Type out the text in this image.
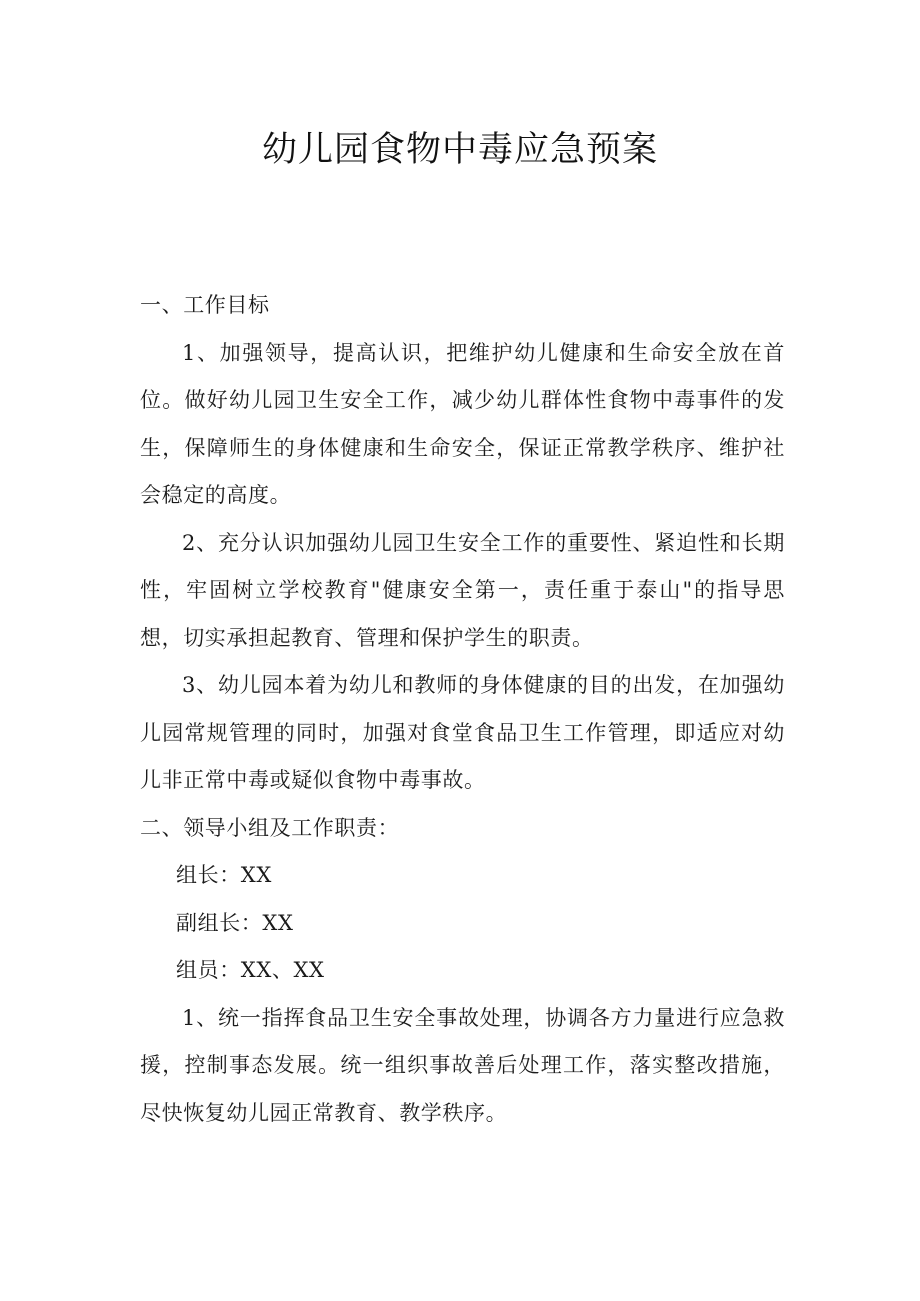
幼儿园食物中毒应急预案

一、工作目标

1、加强领导，提高认识，把维护幼儿健康和生命安全放在首位。做好幼儿园卫生安全工作，减少幼儿群体性食物中毒事件的发生，保障师生的身体健康和生命安全，保证正常教学秩序、维护社会稳定的高度。

2、充分认识加强幼儿园卫生安全工作的重要性、紧迫性和长期性，牢固树立学校教育"健康安全第一，责任重于泰山"的指导思想，切实承担起教育、管理和保护学生的职责。

3、幼儿园本着为幼儿和教师的身体健康的目的出发，在加强幼儿园常规管理的同时，加强对食堂食品卫生工作管理，即适应对幼儿非正常中毒或疑似食物中毒事故。

二、领导小组及工作职责：

组长：XX

副组长：XX

组员：XX、XX

1、统一指挥食品卫生安全事故处理，协调各方力量进行应急救援，控制事态发展。统一组织事故善后处理工作，落实整改措施，尽快恢复幼儿园正常教育、教学秩序。
